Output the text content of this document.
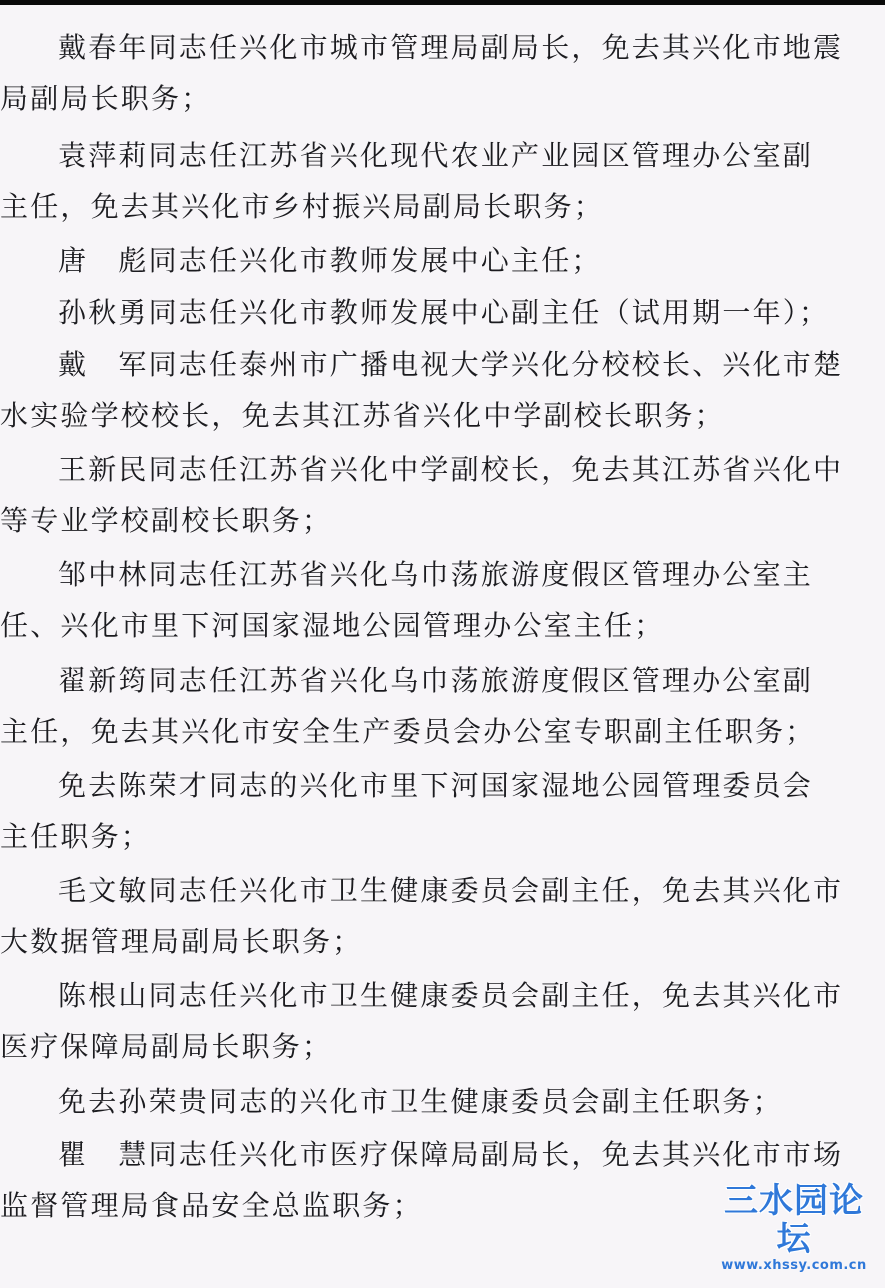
戴春年同志任兴化市城市管理局副局长，免去其兴化市地震
局副局长职务；
袁萍莉同志任江苏省兴化现代农业产业园区管理办公室副
主任，免去其兴化市乡村振兴局副局长职务；
唐　彪同志任兴化市教师发展中心主任；
孙秋勇同志任兴化市教师发展中心副主任（试用期一年）；
戴　军同志任泰州市广播电视大学兴化分校校长、兴化市楚
水实验学校校长，免去其江苏省兴化中学副校长职务；
王新民同志任江苏省兴化中学副校长，免去其江苏省兴化中
等专业学校副校长职务；
邹中林同志任江苏省兴化乌巾荡旅游度假区管理办公室主
任、兴化市里下河国家湿地公园管理办公室主任；
翟新筠同志任江苏省兴化乌巾荡旅游度假区管理办公室副
主任，免去其兴化市安全生产委员会办公室专职副主任职务；
免去陈荣才同志的兴化市里下河国家湿地公园管理委员会
主任职务；
毛文敏同志任兴化市卫生健康委员会副主任，免去其兴化市
大数据管理局副局长职务；
陈根山同志任兴化市卫生健康委员会副主任，免去其兴化市
医疗保障局副局长职务；
免去孙荣贵同志的兴化市卫生健康委员会副主任职务；
瞿　慧同志任兴化市医疗保障局副局长，免去其兴化市市场
监督管理局食品安全总监职务；	三水园论坛
www.xhssy.com.cn
